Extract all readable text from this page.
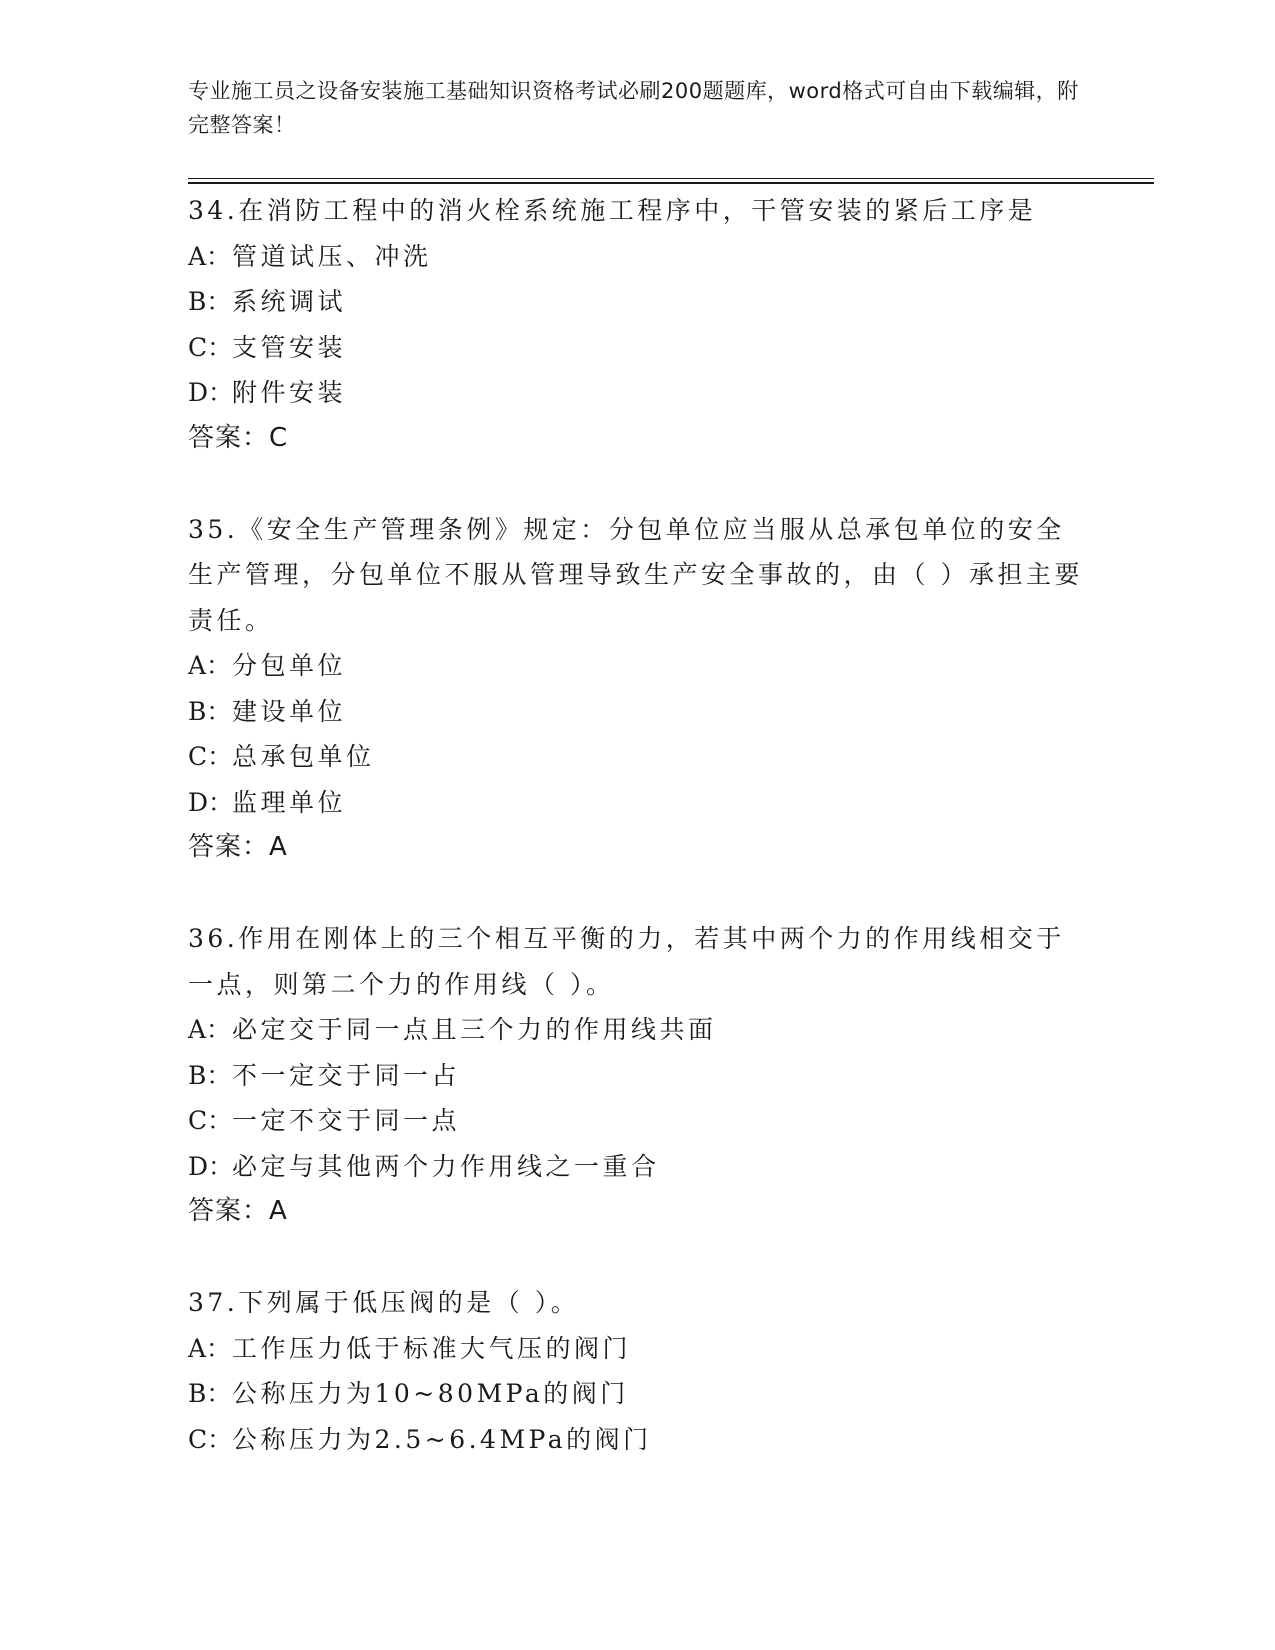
专业施工员之设备安装施工基础知识资格考试必刷200题题库，word格式可自由下载编辑，附完整答案！

34.在消防工程中的消火栓系统施工程序中，干管安装的紧后工序是

A：管道试压、冲洗

B：系统调试

C：支管安装

D：附件安装

答案：C

35.《安全生产管理条例》规定：分包单位应当服从总承包单位的安全生产管理，分包单位不服从管理导致生产安全事故的，由（ ）承担主要责任。

A：分包单位

B：建设单位

C：总承包单位

D：监理单位

答案：A

36.作用在刚体上的三个相互平衡的力，若其中两个力的作用线相交于一点，则第二个力的作用线（ ）。

A：必定交于同一点且三个力的作用线共面

B：不一定交于同一占

C：一定不交于同一点

D：必定与其他两个力作用线之一重合

答案：A

37.下列属于低压阀的是（ ）。

A：工作压力低于标准大气压的阀门

B：公称压力为10~80MPa的阀门

C：公称压力为2.5~6.4MPa的阀门
